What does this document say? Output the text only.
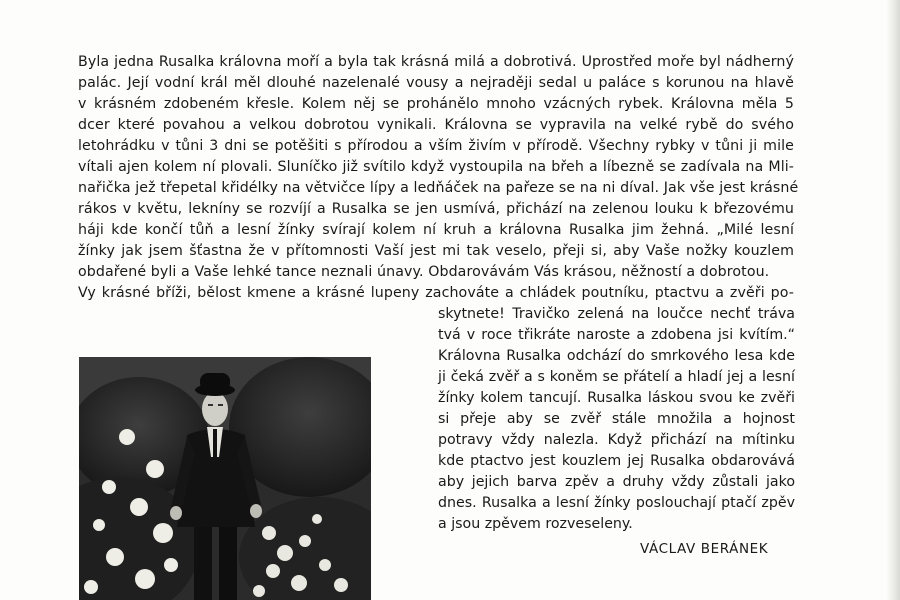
Byla jedna Rusalka královna moří a byla tak krásná milá a dobrotivá. Uprostřed moře byl nádherný
palác. Její vodní král měl dlouhé nazelenalé vousy a nejraději sedal u paláce s korunou na hlavě
v krásném zdobeném křesle. Kolem něj se prohánělo mnoho vzácných rybek. Královna měla 5
dcer které povahou a velkou dobrotou vynikali. Královna se vypravila na velké rybě do svého
letohrádku v tůni 3 dni se potěšiti s přírodou a vším živím v přírodě. Všechny rybky v tůni ji mile
vítali ajen kolem ní plovali. Sluníčko již svítilo když vystoupila na břeh a líbezně se zadívala na Mli-
nařička jež třepetal křidélky na větvičce lípy a ledňáček na pařeze se na ni díval. Jak vše jest krásné
rákos v květu, lekníny se rozvíjí a Rusalka se jen usmívá, přichází na zelenou louku k březovému
háji kde končí tůň a lesní žínky svírají kolem ní kruh a královna Rusalka jim žehná. „Milé lesní
žínky jak jsem šťastna že v přítomnosti Vaší jest mi tak veselo, přeji si, aby Vaše nožky kouzlem
obdařené byli a Vaše lehké tance neznali únavy. Obdarovávám Vás krásou, něžností a dobrotou.
Vy krásné bříži, bělost kmene a krásné lupeny zachováte a chládek poutníku, ptactvu a zvěři po-
skytnete! Travičko zelená na loučce nechť tráva
tvá v roce třikráte naroste a zdobena jsi kvítím.“
Královna Rusalka odchází do smrkového lesa kde
ji čeká zvěř a s koněm se přátelí a hladí jej a lesní
žínky kolem tancují. Rusalka láskou svou ke zvěři
si přeje aby se zvěř stále množila a hojnost
potravy vždy nalezla. Když přichází na mítinku
kde ptactvo jest kouzlem jej Rusalka obdarovává
aby jejich barva zpěv a druhy vždy zůstali jako
dnes. Rusalka a lesní žínky poslouchají ptačí zpěv
a jsou zpěvem rozveseleny.
VÁCLAV BERÁNEK
